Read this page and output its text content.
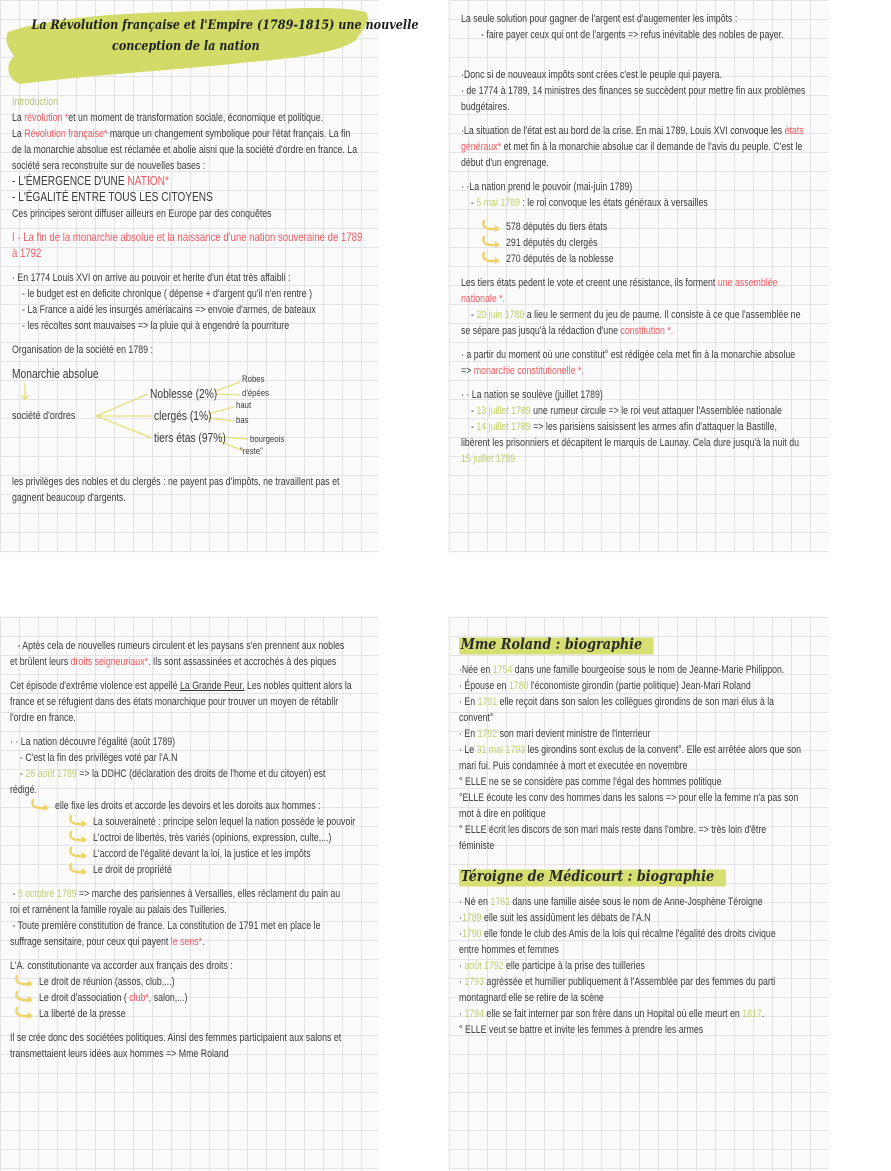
La Révolution française et l'Empire (1789-1815) une nouvelle
conception de la nation
Introduction
La révolution *et un moment de transformation sociale, économique et politique.
La Révolution française* marque un changement symbolique pour l'état français. La fin
de la monarchie absolue est réclamée et abolie aisni que la société d'ordre en france. La
société sera reconstruite sur de nouvelles bases :
- L'ÉMERGENCE D'UNE NATION*
- L'ÉGALITÉ ENTRE TOUS LES CITOYENS
Ces principes seront diffuser ailleurs en Europe par des conquêtes
I - La fin de la monarchie absolue et la naissance d'une nation souveraine de 1789
à 1792
· En 1774 Louis XVI on arrive au pouvoir et herite d'un état très affaibli :
- le budget est en deficite chronique ( dépense + d'argent qu'il n'en rentre )
- La France a aidé les insurgés amériacains => envoie d'armes, de bateaux
- les récoltes sont mauvaises => la pluie qui à engendré la pourriture
Organisation de la société en 1789 :
Monarchie absolue
société d'ordres
Noblesse (2%)
Robes
d'épées
clergés (1%)
haut
bas
tiers étas (97%)	bourgeois
"reste"
les privilèges des nobles et du clergés : ne payent pas d'impôts, ne travaillent pas et
gagnent beaucoup d'argents.
La seule solution pour gagner de l'argent est d'augementer les impôts :
- faire payer ceux qui ont de l'argents => refus inévitable des nobles de payer.
·Donc si de nouveaux impôts sont crées c'est le peuple qui payera.
· de 1774 à 1789, 14 ministres des finances se succèdent pour mettre fin aux problèmes
budgétaires.
·La situation de l'état est au bord de la crise. En mai 1789, Louis XVI convoque les états
généraux* et met fin à la monarchie absolue car il demande de l'avis du peuple. C'est le
début d'un engrenage.
· ·La nation prend le pouvoir (mai-juin 1789)
- 5 mai 1789 : le roi convoque les états généraux à versailles
578 députés du tiers états
291 députés du clergés
270 députés de la noblesse
Les tiers états pedent le vote et creent une résistance, ils forment une assemblée
nationale *.
- 20 juin 1789 a lieu le serment du jeu de paume. Il consiste à ce que l'assemblée ne
se sépare pas jusqu'à la rédaction d'une constitution *.
· a partir du moment où une constitut° est rédigée cela met fin à la monarchie absolue
=> monarchie constitutionelle *.
· · La nation se soulève (juillet 1789)
- 13 juillet 1789 une rumeur circule => le roi veut attaquer l'Assemblée nationale
- 14 juillet 1789 => les parisiens saisissent les armes afin d'attaquer la Bastille,
libèrent les prisonniers et décapitent le marquis de Launay. Cela dure jusqu'à la nuit du
15 juillet 1789
- Aptès cela de nouvelles rumeurs circulent et les paysans s'en prennent aux nobles
et brûlent leurs droits seigneuriaux*. Ils sont assassinées et accrochés à des piques
Cet épisode d'extrême violence est appellé La Grande Peur. Les nobles quittent alors la
france et se réfugient dans des états monarchique pour trouver un moyen de rétablir
l'ordre en france.
· · La nation découvre l'égalité (août 1789)
- C'est la fin des privilèges voté par l'A.N
- 26 août 1789 => la DDHC (déclaration des droits de l'home et du citoyen) est
rédigé.
elle fixe les droits et accorde les devoirs et les doroits aux hommes :
La souveraineté : principe selon lequel la nation possède le pouvoir
L'octroi de libertés, très variés (opinions, expression, culte,...)
L'accord de l'égalité devant la loi, la justice et les impôts
Le droit de propriété
- 5 octobre 1789 => marche des parisiennes à Versailles, elles réclament du pain au
roi et ramènent la famille royale au palais des Tuilleries.
- Toute première constitution de france. La constitution de 1791 met en place le
suffrage sensitaire, pour ceux qui payent le sens*.
L'A. constitutionante va accorder aux français des droits :
Le droit de réunion (assos, club,...)
Le droit d'association ( club*, salon,...)
La liberté de la presse
Il se crée donc des sociétées politiques. Ainsi des femmes participaient aux salons et
transmettaient leurs idées aux hommes => Mme Roland
Mme Roland : biographie
·Née en 1754 dans une famille bourgeoise sous le nom de Jeanne-Marie Philippon.
· Épouse en 1780 l'économiste girondin (partie politique) Jean-Mari Roland
· En 1791 elle reçoit dans son salon les collègues girondins de son mari élus à la
convent°
· En 1792 son mari devient ministre de l'interrieur
· Le 31 mai 1793 les girondins sont exclus de la convent°. Elle est arrêtée alors que son
mari fui. Puis condamnée à mort et executée en novembre
° ELLE ne se se considère pas comme l'égal des hommes politique
°ELLE écoute les conv des hommes dans les salons => pour elle la femme n'a pas son
mot à dire en politique
° ELLE écrit les discors de son mari mais reste dans l'ombre. => très loin d'être
féministe
Téroigne de Médicourt : biographie
· Né en 1762 dans une famille aisée sous le nom de Anne-Josphène Téroigne
·1789 elle suit les assidûment les débats de l'A.N
·1790 elle fonde le club des Amis de la lois qui récalme l'égalité des droits civique
entre hommes et femmes
· août 1792 elle participe à la prise des tuilleries
· 1793 agréssée et humilier publiquement à l'Assemblée par des femmes du parti
montagnard elle se retire de la scène
· 1794 elle se fait interner par son frère dans un Hopital où elle meurt en 1817.
° ELLE veut se battre et invite les femmes à prendre les armes
